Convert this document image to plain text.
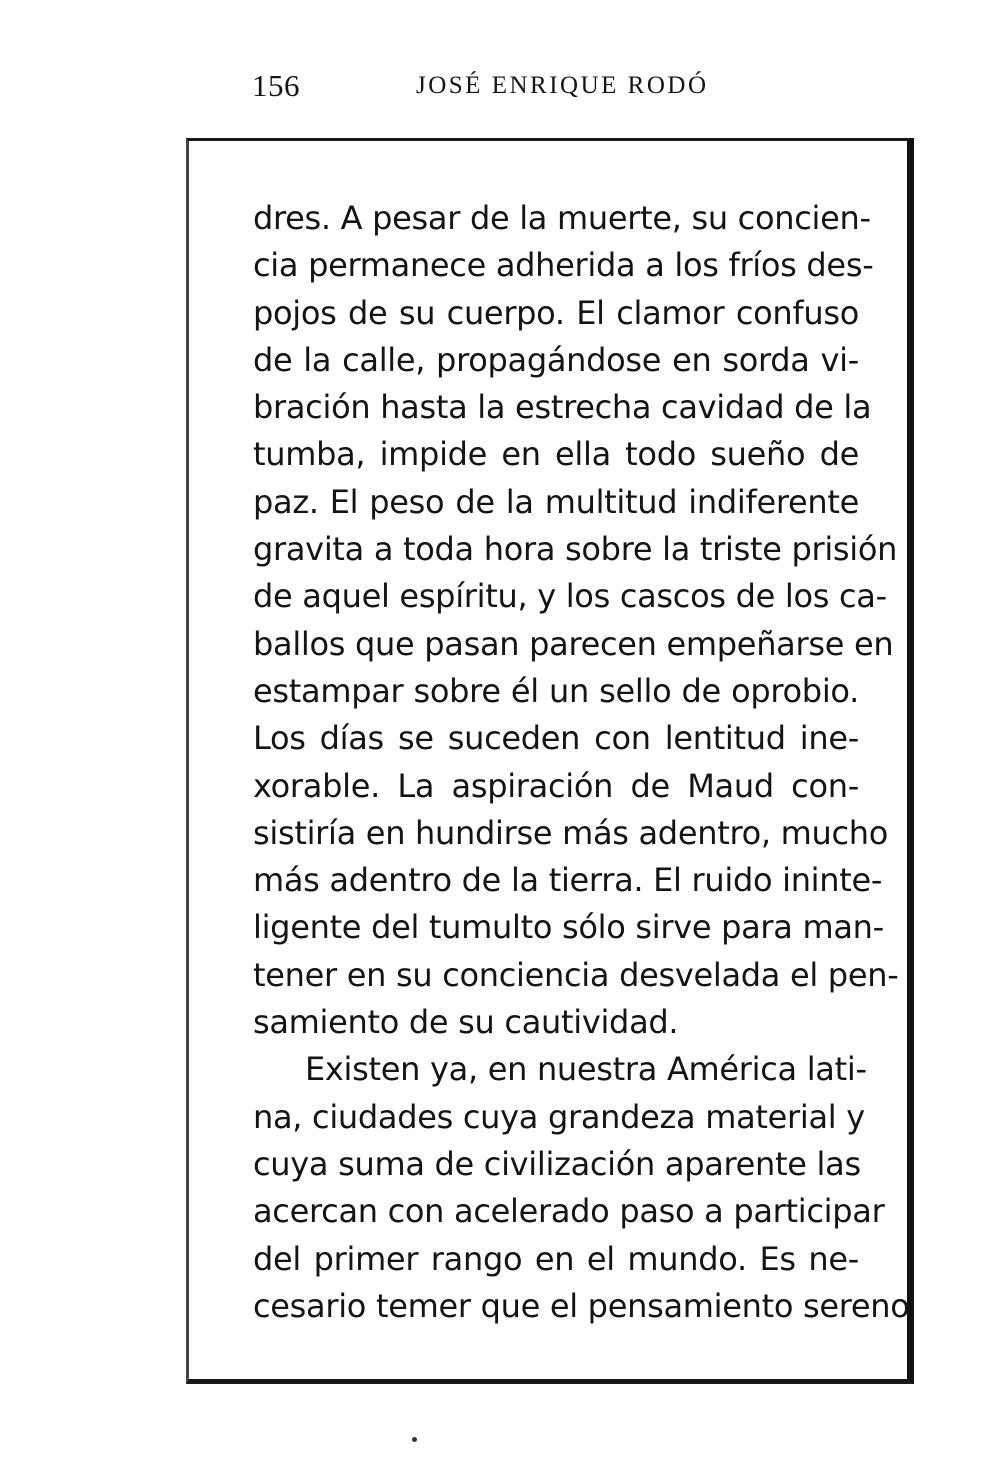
156	JOSÉ ENRIQUE RODÓ
dres. A pesar de la muerte, su concien-
cia permanece adherida a los fríos des-
pojos de su cuerpo. El clamor confuso
de la calle, propagándose en sorda vi-
bración hasta la estrecha cavidad de la
tumba, impide en ella todo sueño de
paz. El peso de la multitud indiferente
gravita a toda hora sobre la triste prisión
de aquel espíritu, y los cascos de los ca-
ballos que pasan parecen empeñarse en
estampar sobre él un sello de oprobio.
Los días se suceden con lentitud ine-
xorable. La aspiración de Maud con-
sistiría en hundirse más adentro, mucho
más adentro de la tierra. El ruido ininte-
ligente del tumulto sólo sirve para man-
tener en su conciencia desvelada el pen-
samiento de su cautividad.
Existen ya, en nuestra América lati-
na, ciudades cuya grandeza material y
cuya suma de civilización aparente las
acercan con acelerado paso a participar
del primer rango en el mundo. Es ne-
cesario temer que el pensamiento sereno
